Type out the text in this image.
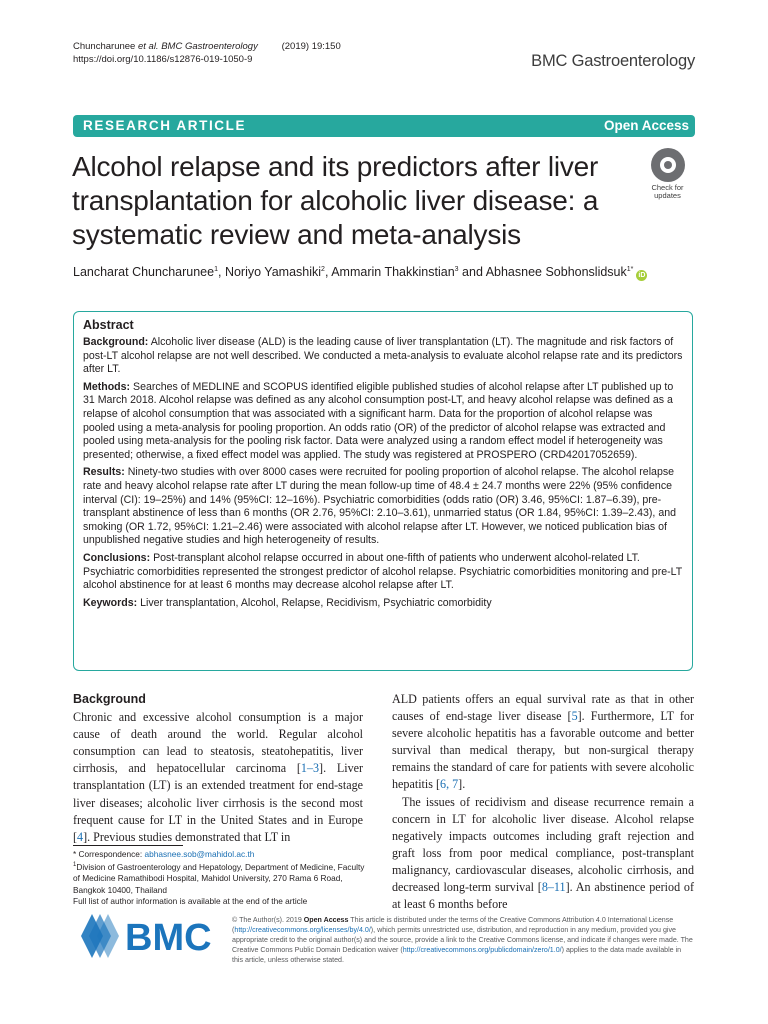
Chuncharunee et al. BMC Gastroenterology	(2019) 19:150
https://doi.org/10.1186/s12876-019-1050-9	BMC Gastroenterology
RESEARCH ARTICLE	Open Access
Alcohol relapse and its predictors after liver transplantation for alcoholic liver disease: a systematic review and meta-analysis
Check for
updates
Lancharat Chuncharunee$^1$, Noriyo Yamashiki$^2$, Ammarin Thakkinstian$^3$ and Abhasnee Sobhonslidsuk$^{1*}$iD
Abstract

Background: Alcoholic liver disease (ALD) is the leading cause of liver transplantation (LT). The magnitude and risk factors of post-LT alcohol relapse are not well described. We conducted a meta-analysis to evaluate alcohol relapse rate and its predictors after LT.

Methods: Searches of MEDLINE and SCOPUS identified eligible published studies of alcohol relapse after LT published up to 31 March 2018. Alcohol relapse was defined as any alcohol consumption post-LT, and heavy alcohol relapse was defined as a relapse of alcohol consumption that was associated with a significant harm. Data for the proportion of alcohol relapse was pooled using a meta-analysis for pooling proportion. An odds ratio (OR) of the predictor of alcohol relapse was extracted and pooled using meta-analysis for the pooling risk factor. Data were analyzed using a random effect model if heterogeneity was presented; otherwise, a fixed effect model was applied. The study was registered at PROSPERO (CRD42017052659).

Results: Ninety-two studies with over 8000 cases were recruited for pooling proportion of alcohol relapse. The alcohol relapse rate and heavy alcohol relapse rate after LT during the mean follow-up time of 48.4 ± 24.7 months were 22% (95% confidence interval (CI): 19–25%) and 14% (95%CI: 12–16%). Psychiatric comorbidities (odds ratio (OR) 3.46, 95%CI: 1.87–6.39), pre-transplant abstinence of less than 6 months (OR 2.76, 95%CI: 2.10–3.61), unmarried status (OR 1.84, 95%CI: 1.39–2.43), and smoking (OR 1.72, 95%CI: 1.21–2.46) were associated with alcohol relapse after LT. However, we noticed publication bias of unpublished negative studies and high heterogeneity of results.

Conclusions: Post-transplant alcohol relapse occurred in about one-fifth of patients who underwent alcohol-related LT. Psychiatric comorbidities represented the strongest predictor of alcohol relapse. Psychiatric comorbidities monitoring and pre-LT alcohol abstinence for at least 6 months may decrease alcohol relapse after LT.

Keywords: Liver transplantation, Alcohol, Relapse, Recidivism, Psychiatric comorbidity

Background

Chronic and excessive alcohol consumption is a major cause of death around the world. Regular alcohol consumption can lead to steatosis, steatohepatitis, liver cirrhosis, and hepatocellular carcinoma [1–3]. Liver transplantation (LT) is an extended treatment for end-stage liver diseases; alcoholic liver cirrhosis is the second most frequent cause for LT in the United States and in Europe [4]. Previous studies demonstrated that LT in

ALD patients offers an equal survival rate as that in other causes of end-stage liver disease [5]. Furthermore, LT for severe alcoholic hepatitis has a favorable outcome and better survival than medical therapy, but non-surgical therapy remains the standard of care for patients with severe alcoholic hepatitis [6, 7].

The issues of recidivism and disease recurrence remain a concern in LT for alcoholic liver disease. Alcohol relapse negatively impacts outcomes including graft rejection and graft loss from poor medical compliance, post-transplant malignancy, cardiovascular diseases, alcoholic cirrhosis, and decreased long-term survival [8–11]. An abstinence period of at least 6 months before

* Correspondence: abhasnee.sob@mahidol.ac.th
$^1$Division of Gastroenterology and Hepatology, Department of Medicine, Faculty of Medicine Ramathibodi Hospital, Mahidol University, 270 Rama 6 Road, Bangkok 10400, Thailand
Full list of author information is available at the end of the article
BMC	© The Author(s). 2019 Open Access This article is distributed under the terms of the Creative Commons Attribution 4.0 International License (http://creativecommons.org/licenses/by/4.0/), which permits unrestricted use, distribution, and reproduction in any medium, provided you give appropriate credit to the original author(s) and the source, provide a link to the Creative Commons license, and indicate if changes were made. The Creative Commons Public Domain Dedication waiver (http://creativecommons.org/publicdomain/zero/1.0/) applies to the data made available in this article, unless otherwise stated.
